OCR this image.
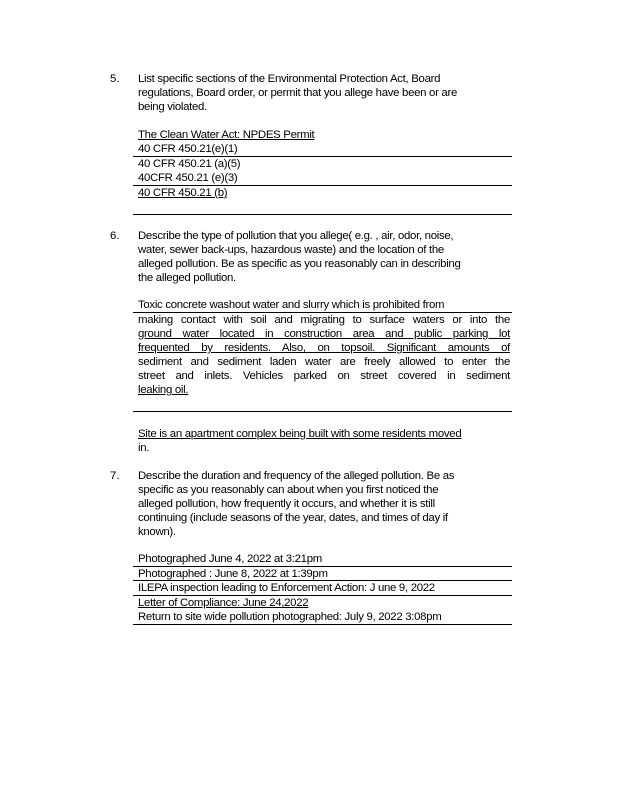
5. List specific sections of the Environmental Protection Act, Board
regulations, Board order, or permit that you allege have been or are
being violated.
The Clean Water Act: NPDES Permit
40 CFR 450.21(e)(1)
40 CFR 450.21 (a)(5)
40CFR 450.21 (e)(3)
40 CFR 450.21 (b)
6. Describe the type of pollution that you allege( e.g. , air, odor, noise,
water, sewer back-ups, hazardous waste) and the location of the
alleged pollution. Be as specific as you reasonably can in describing
the alleged pollution.
Toxic concrete washout water and slurry which is prohibited from
making contact with soil and migrating to surface waters or into the
ground water located in construction area and public parking lot
frequented by residents. Also, on topsoil. Significant amounts of
sediment and sediment laden water are freely allowed to enter the
street and inlets. Vehicles parked on street covered in sediment
leaking oil.
Site is an apartment complex being built with some residents moved
in.
7. Describe the duration and frequency of the alleged pollution. Be as
specific as you reasonably can about when you first noticed the
alleged pollution, how frequently it occurs, and whether it is still
continuing (include seasons of the year, dates, and times of day if
known).
Photographed June 4, 2022 at 3:21pm
Photographed : June 8, 2022 at 1:39pm
ILEPA inspection leading to Enforcement Action: J une 9, 2022
Letter of Compliance: June 24,2022
Return to site wide pollution photographed: July 9, 2022 3:08pm
